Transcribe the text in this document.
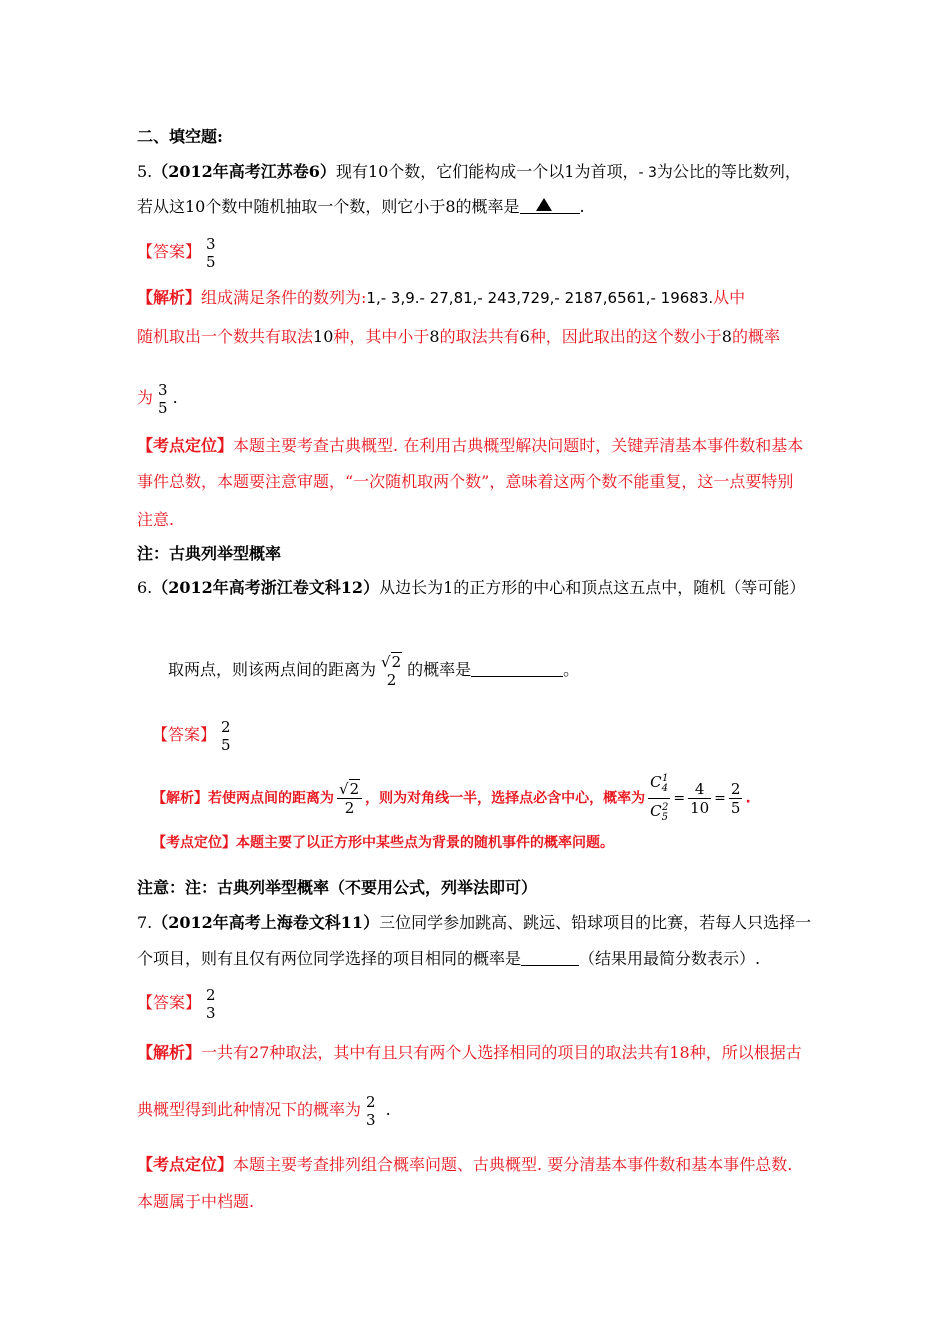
二、填空题:
5.（2012年高考江苏卷6）现有10个数，它们能构成一个以1为首项，- 3为公比的等比数列，
若从这10个数中随机抽取一个数，则它小于8的概率是	.
【答案】 3
5
【解析】组成满足条件的数列为:1,- 3,9.- 27,81,- 243,729,- 2187,6561,- 19683.从中
随机取出一个数共有取法10种，其中小于8的取法共有6种，因此取出的这个数小于8的概率
为 3
5
.
【考点定位】本题主要考查古典概型. 在利用古典概型解决问题时，关键弄清基本事件数和基本
事件总数，本题要注意审题，“一次随机取两个数”，意味着这两个数不能重复，这一点要特别
注意.
注：古典列举型概率
6.（2012年高考浙江卷文科12）从边长为1的正方形的中心和顶点这五点中，随机（等可能）
取两点，则该两点间的距离为 √2
2
的概率是	。
【答案】 2
5
【解析】若使两点间的距离为 $\frac{√2}{2}$ ，则为对角线一半，选择点必含中心，概率为 $\frac{C_4^1}{C_5^2} = \frac{4}{10} = \frac{2}{5}$ .
【考点定位】本题主要了以正方形中某些点为背景的随机事件的概率问题。
注意：注：古典列举型概率（不要用公式，列举法即可）
7.（2012年高考上海卷文科11）三位同学参加跳高、跳远、铅球项目的比赛，若每人只选择一
个项目，则有且仅有两位同学选择的项目相同的概率是	（结果用最简分数表示）.
【答案】 2
3
【解析】一共有27种取法，其中有且只有两个人选择相同的项目的取法共有18种，所以根据古
典概型得到此种情况下的概率为 2
3
.
【考点定位】本题主要考查排列组合概率问题、古典概型. 要分清基本事件数和基本事件总数.
本题属于中档题.
